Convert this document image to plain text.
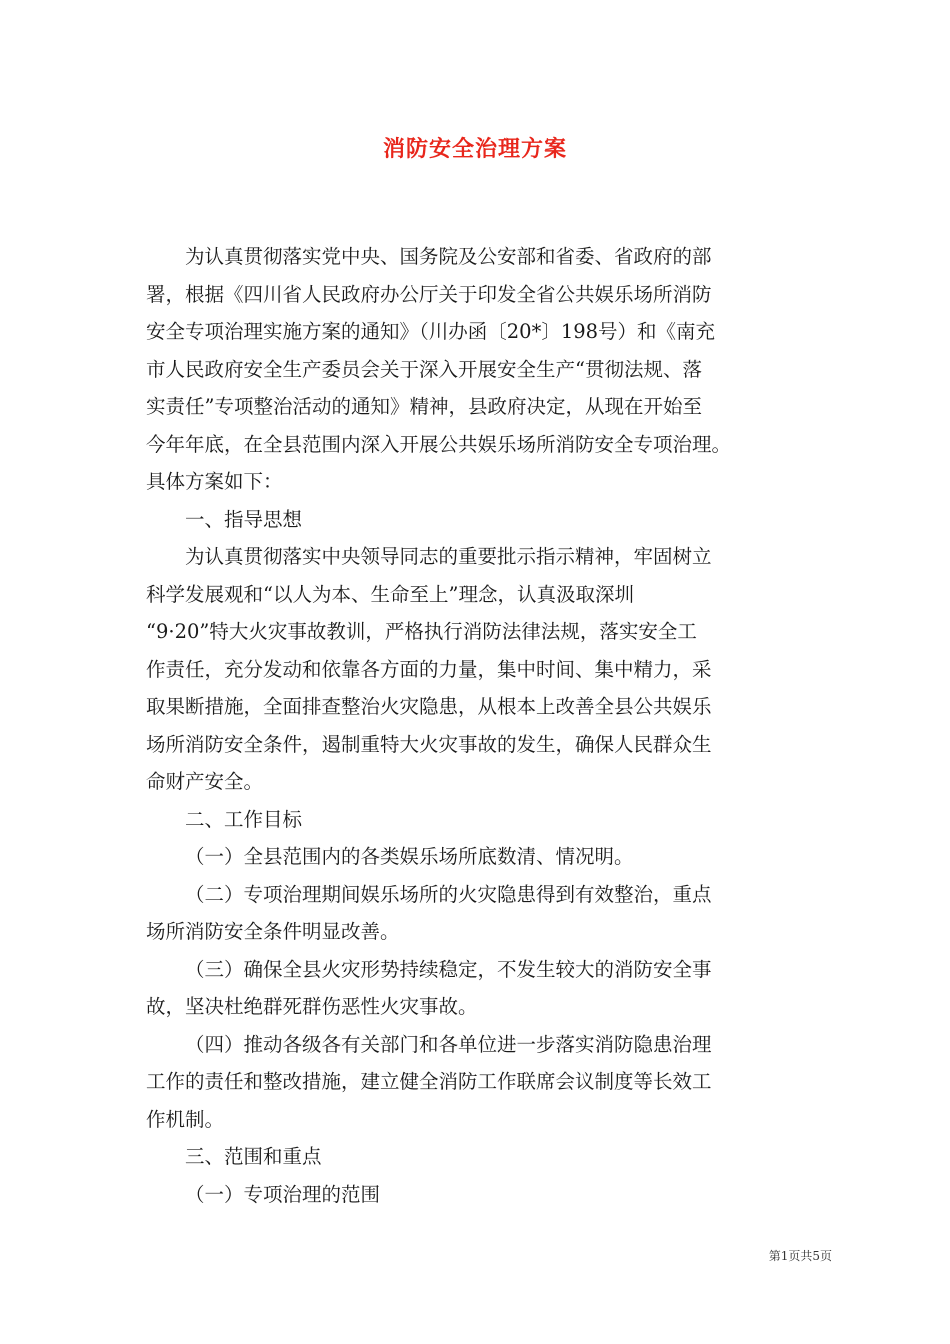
消防安全治理方案
为认真贯彻落实党中央、国务院及公安部和省委、省政府的部
署，根据《四川省人民政府办公厅关于印发全省公共娱乐场所消防
安全专项治理实施方案的通知》（川办函〔20*〕198号）和《南充
市人民政府安全生产委员会关于深入开展安全生产“贯彻法规、落
实责任”专项整治活动的通知》精神，县政府决定，从现在开始至
今年年底，在全县范围内深入开展公共娱乐场所消防安全专项治理。
具体方案如下：
一、指导思想
为认真贯彻落实中央领导同志的重要批示指示精神，牢固树立
科学发展观和“以人为本、生命至上”理念，认真汲取深圳
“9·20”特大火灾事故教训，严格执行消防法律法规，落实安全工
作责任，充分发动和依靠各方面的力量，集中时间、集中精力，采
取果断措施，全面排查整治火灾隐患，从根本上改善全县公共娱乐
场所消防安全条件，遏制重特大火灾事故的发生，确保人民群众生
命财产安全。
二、工作目标
（一）全县范围内的各类娱乐场所底数清、情况明。
（二）专项治理期间娱乐场所的火灾隐患得到有效整治，重点
场所消防安全条件明显改善。
（三）确保全县火灾形势持续稳定，不发生较大的消防安全事
故，坚决杜绝群死群伤恶性火灾事故。
（四）推动各级各有关部门和各单位进一步落实消防隐患治理
工作的责任和整改措施，建立健全消防工作联席会议制度等长效工
作机制。
三、范围和重点
（一）专项治理的范围
第1页共5页
